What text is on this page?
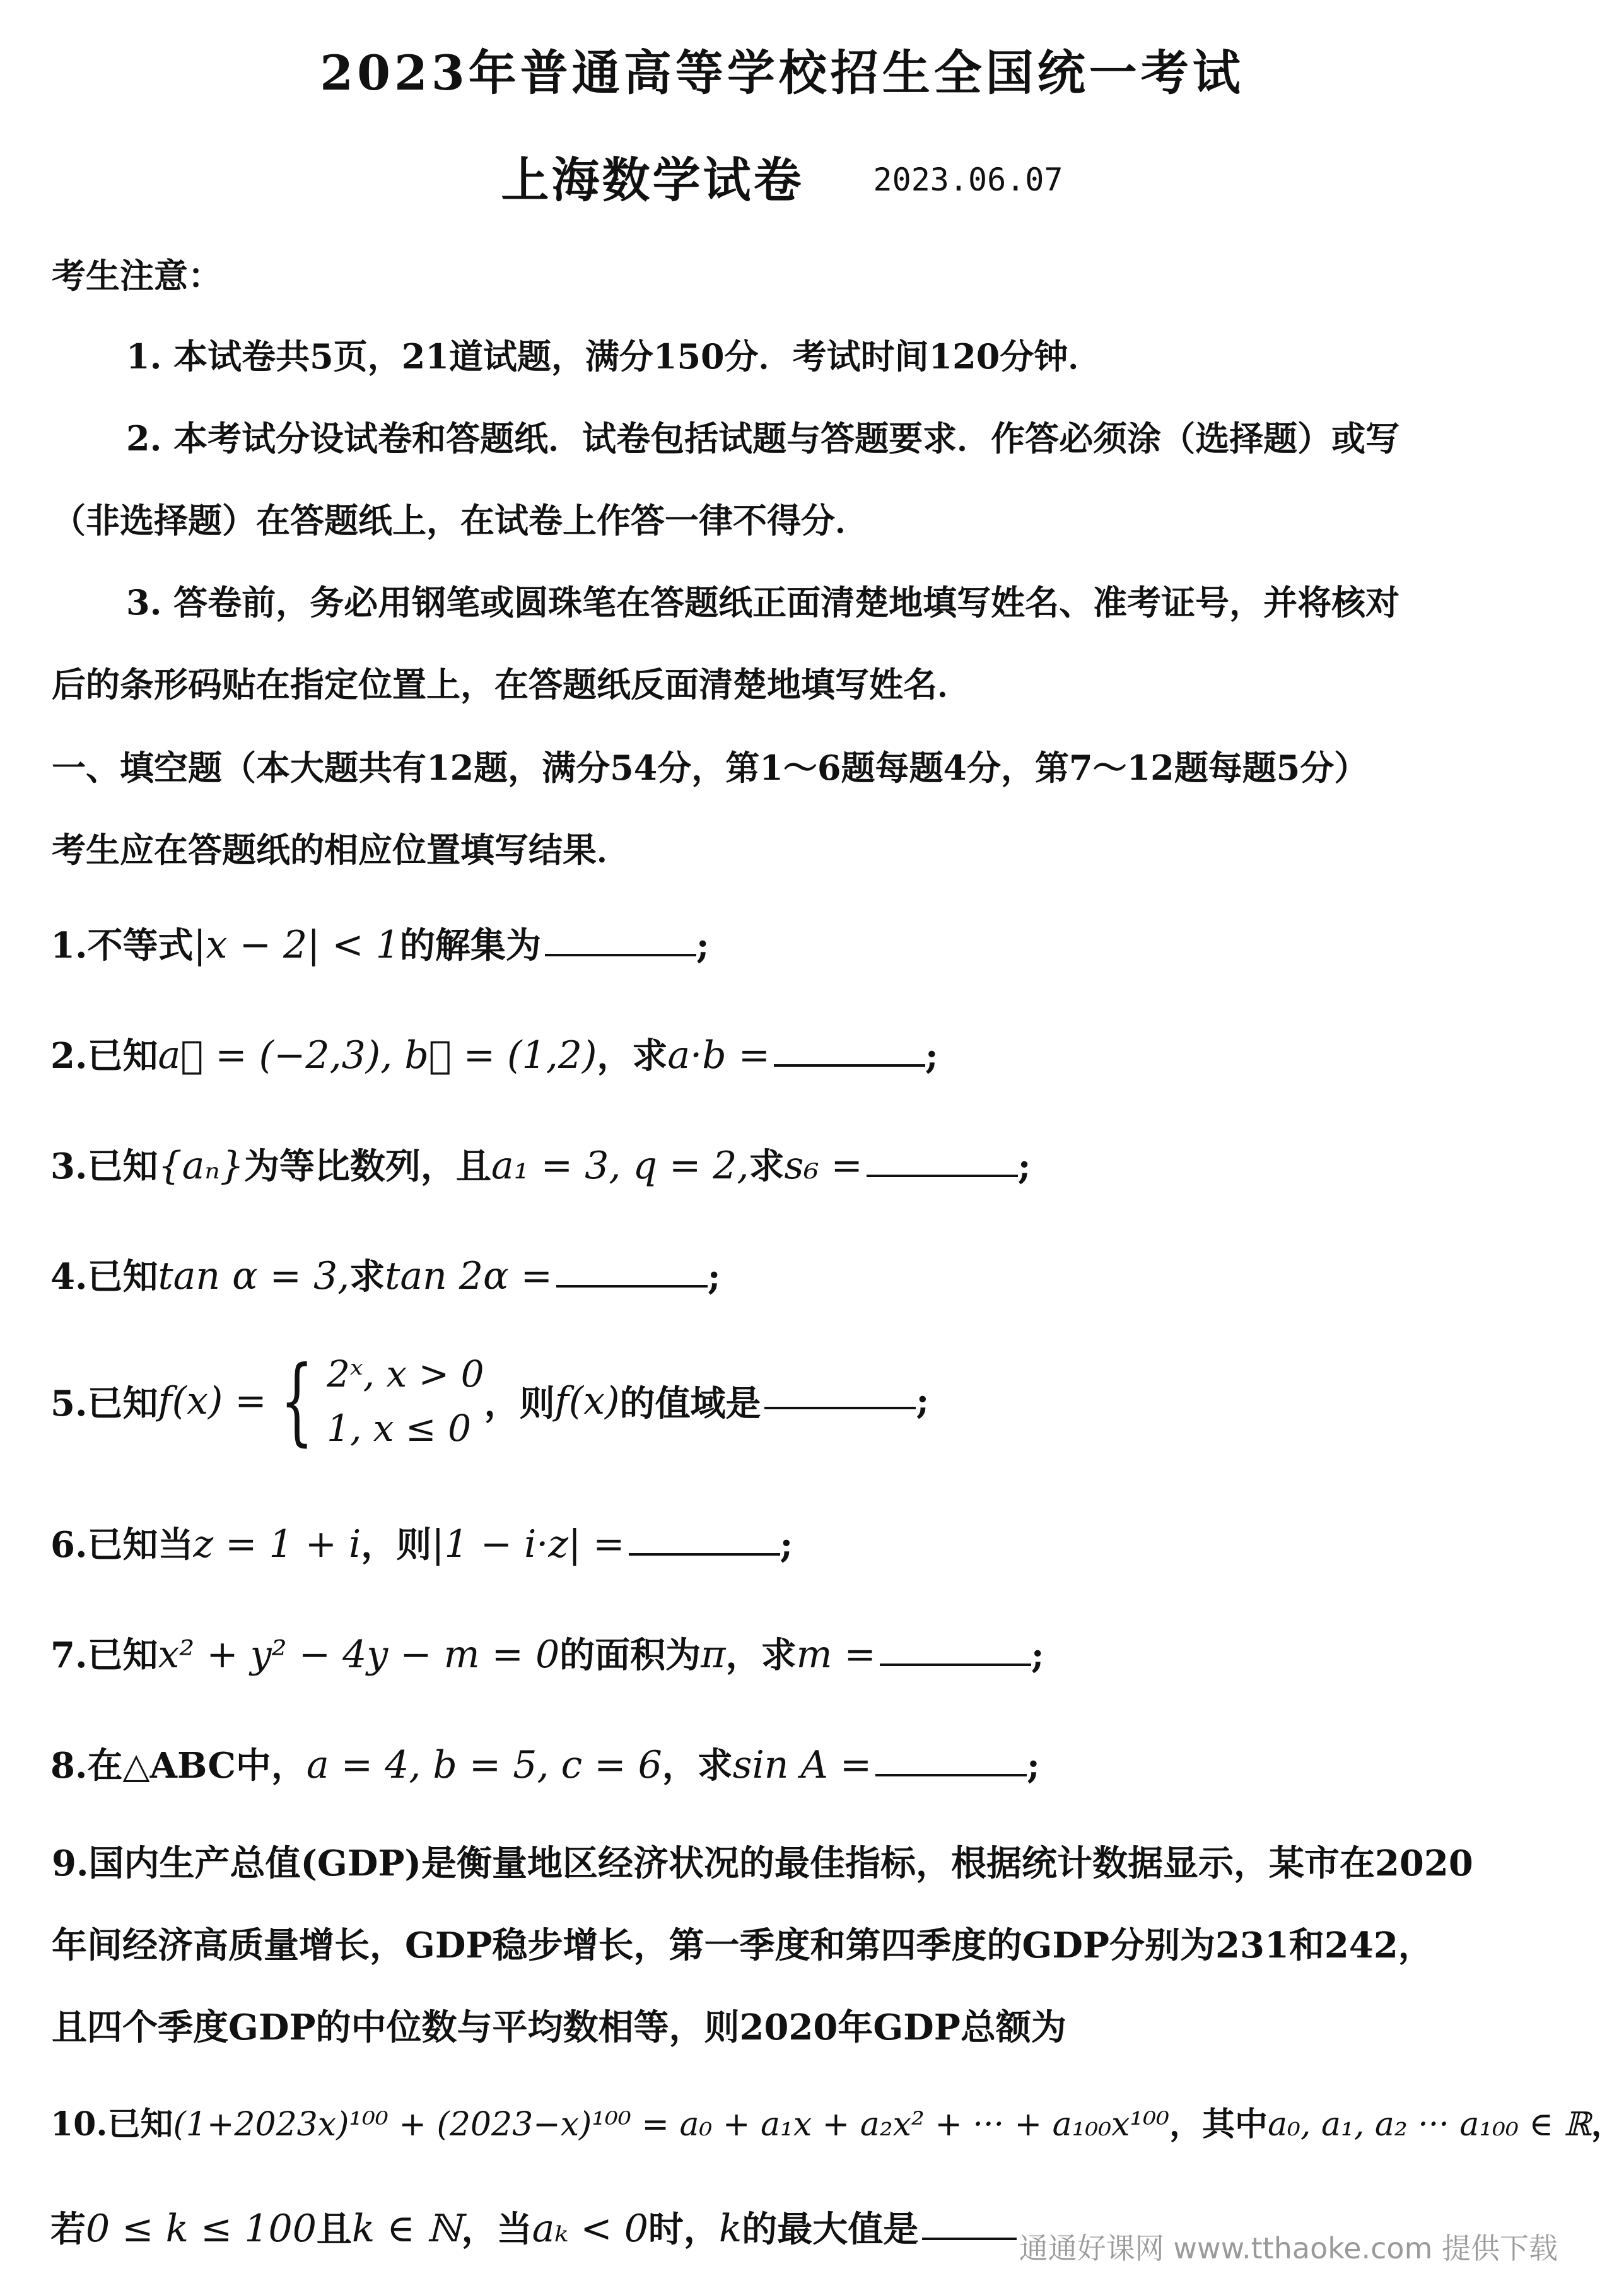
2023年普通高等学校招生全国统一考试
上海数学试卷 2023.06.07
考生注意：
1. 本试卷共5页，21道试题，满分150分．考试时间120分钟．
2. 本考试分设试卷和答题纸．试卷包括试题与答题要求．作答必须涂（选择题）或写
（非选择题）在答题纸上，在试卷上作答一律不得分．
3. 答卷前，务必用钢笔或圆珠笔在答题纸正面清楚地填写姓名、准考证号，并将核对
后的条形码贴在指定位置上，在答题纸反面清楚地填写姓名．
一、填空题（本大题共有12题，满分54分，第1～6题每题4分，第7～12题每题5分）
考生应在答题纸的相应位置填写结果．
1.不等式|x − 2| < 1的解集为	;
2.已知a⃗ = (−2,3), b⃗ = (1,2)，求a·b =	;
3.已知{aₙ}为等比数列，且a₁ = 3, q = 2,求s₆ =	;
4.已知tan α = 3,求tan 2α =	;
5.已知f(x) = { 2ˣ, x > 0
1, x ≤ 0
，则f(x)的值域是	;
6.已知当z = 1 + i，则|1 − i·z| =	;
7.已知x² + y² − 4y − m = 0的面积为π，求m =	;
8.在△ABC中，a = 4, b = 5, c = 6，求sin A =	;
9.国内生产总值(GDP)是衡量地区经济状况的最佳指标，根据统计数据显示，某市在2020
年间经济高质量增长，GDP稳步增长，第一季度和第四季度的GDP分别为231和242，
且四个季度GDP的中位数与平均数相等，则2020年GDP总额为
10.已知(1+2023x)¹⁰⁰ + (2023−x)¹⁰⁰ = a₀ + a₁x + a₂x² + ··· + a₁₀₀x¹⁰⁰，其中a₀, a₁, a₂ ··· a₁₀₀ ∈ ℝ，
若0 ≤ k ≤ 100且k ∈ ℕ，当aₖ < 0时，k的最大值是	通通好课网 www.tthaoke.com 提供下载
